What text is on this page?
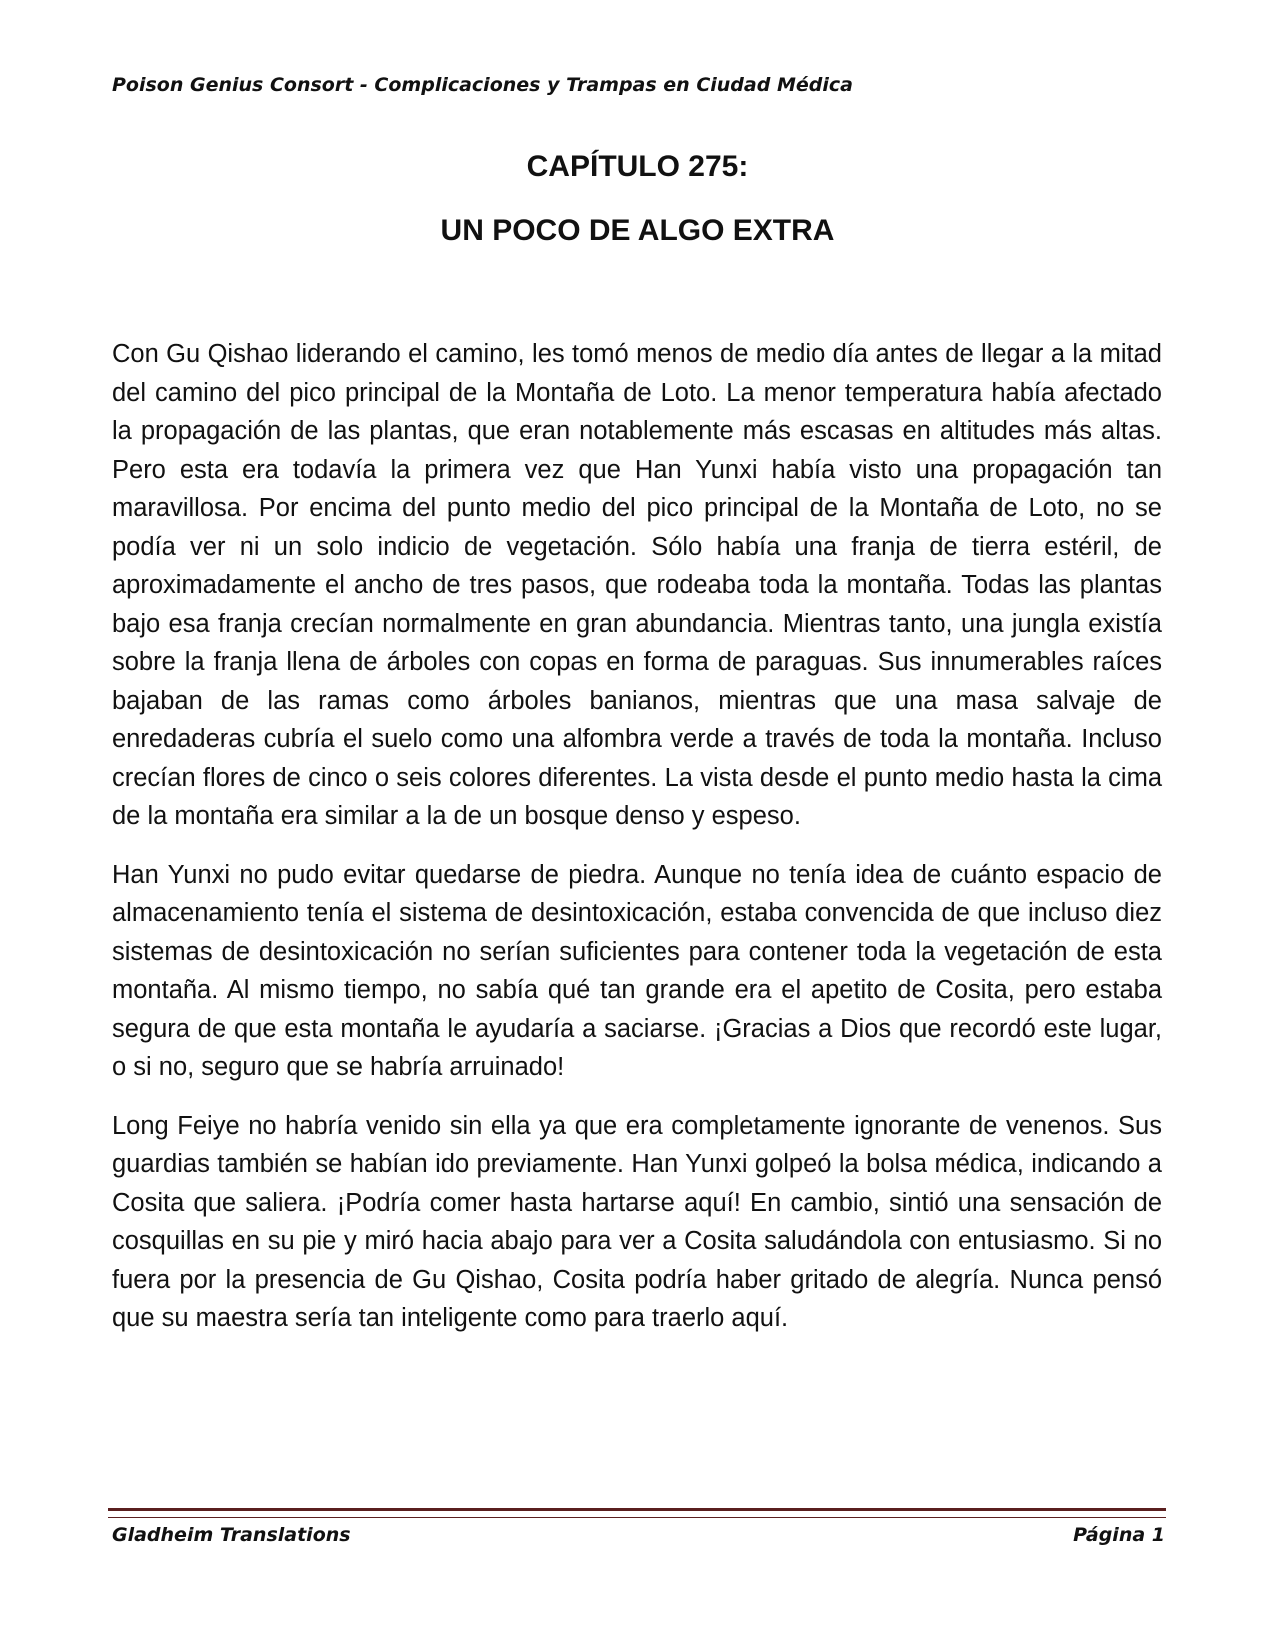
Poison Genius Consort - Complicaciones y Trampas en Ciudad Médica
CAPÍTULO 275:
UN POCO DE ALGO EXTRA

Con Gu Qishao liderando el camino, les tomó menos de medio día antes de llegar a la mitad del camino del pico principal de la Montaña de Loto. La menor temperatura había afectado la propagación de las plantas, que eran notablemente más escasas en altitudes más altas. Pero esta era todavía la primera vez que Han Yunxi había visto una propagación tan maravillosa. Por encima del punto medio del pico principal de la Montaña de Loto, no se podía ver ni un solo indicio de vegetación. Sólo había una franja de tierra estéril, de aproximadamente el ancho de tres pasos, que rodeaba toda la montaña. Todas las plantas bajo esa franja crecían normalmente en gran abundancia. Mientras tanto, una jungla existía sobre la franja llena de árboles con copas en forma de paraguas. Sus innumerables raíces bajaban de las ramas como árboles banianos, mientras que una masa salvaje de enredaderas cubría el suelo como una alfombra verde a través de toda la montaña. Incluso crecían flores de cinco o seis colores diferentes. La vista desde el punto medio hasta la cima de la montaña era similar a la de un bosque denso y espeso.

Han Yunxi no pudo evitar quedarse de piedra. Aunque no tenía idea de cuánto espacio de almacenamiento tenía el sistema de desintoxicación, estaba convencida de que incluso diez sistemas de desintoxicación no serían suficientes para contener toda la vegetación de esta montaña. Al mismo tiempo, no sabía qué tan grande era el apetito de Cosita, pero estaba segura de que esta montaña le ayudaría a saciarse. ¡Gracias a Dios que recordó este lugar, o si no, seguro que se habría arruinado!

Long Feiye no habría venido sin ella ya que era completamente ignorante de venenos. Sus guardias también se habían ido previamente. Han Yunxi golpeó la bolsa médica, indicando a Cosita que saliera. ¡Podría comer hasta hartarse aquí! En cambio, sintió una sensación de cosquillas en su pie y miró hacia abajo para ver a Cosita saludándola con entusiasmo. Si no fuera por la presencia de Gu Qishao, Cosita podría haber gritado de alegría. Nunca pensó que su maestra sería tan inteligente como para traerlo aquí.

Gladheim Translations	Página 1
